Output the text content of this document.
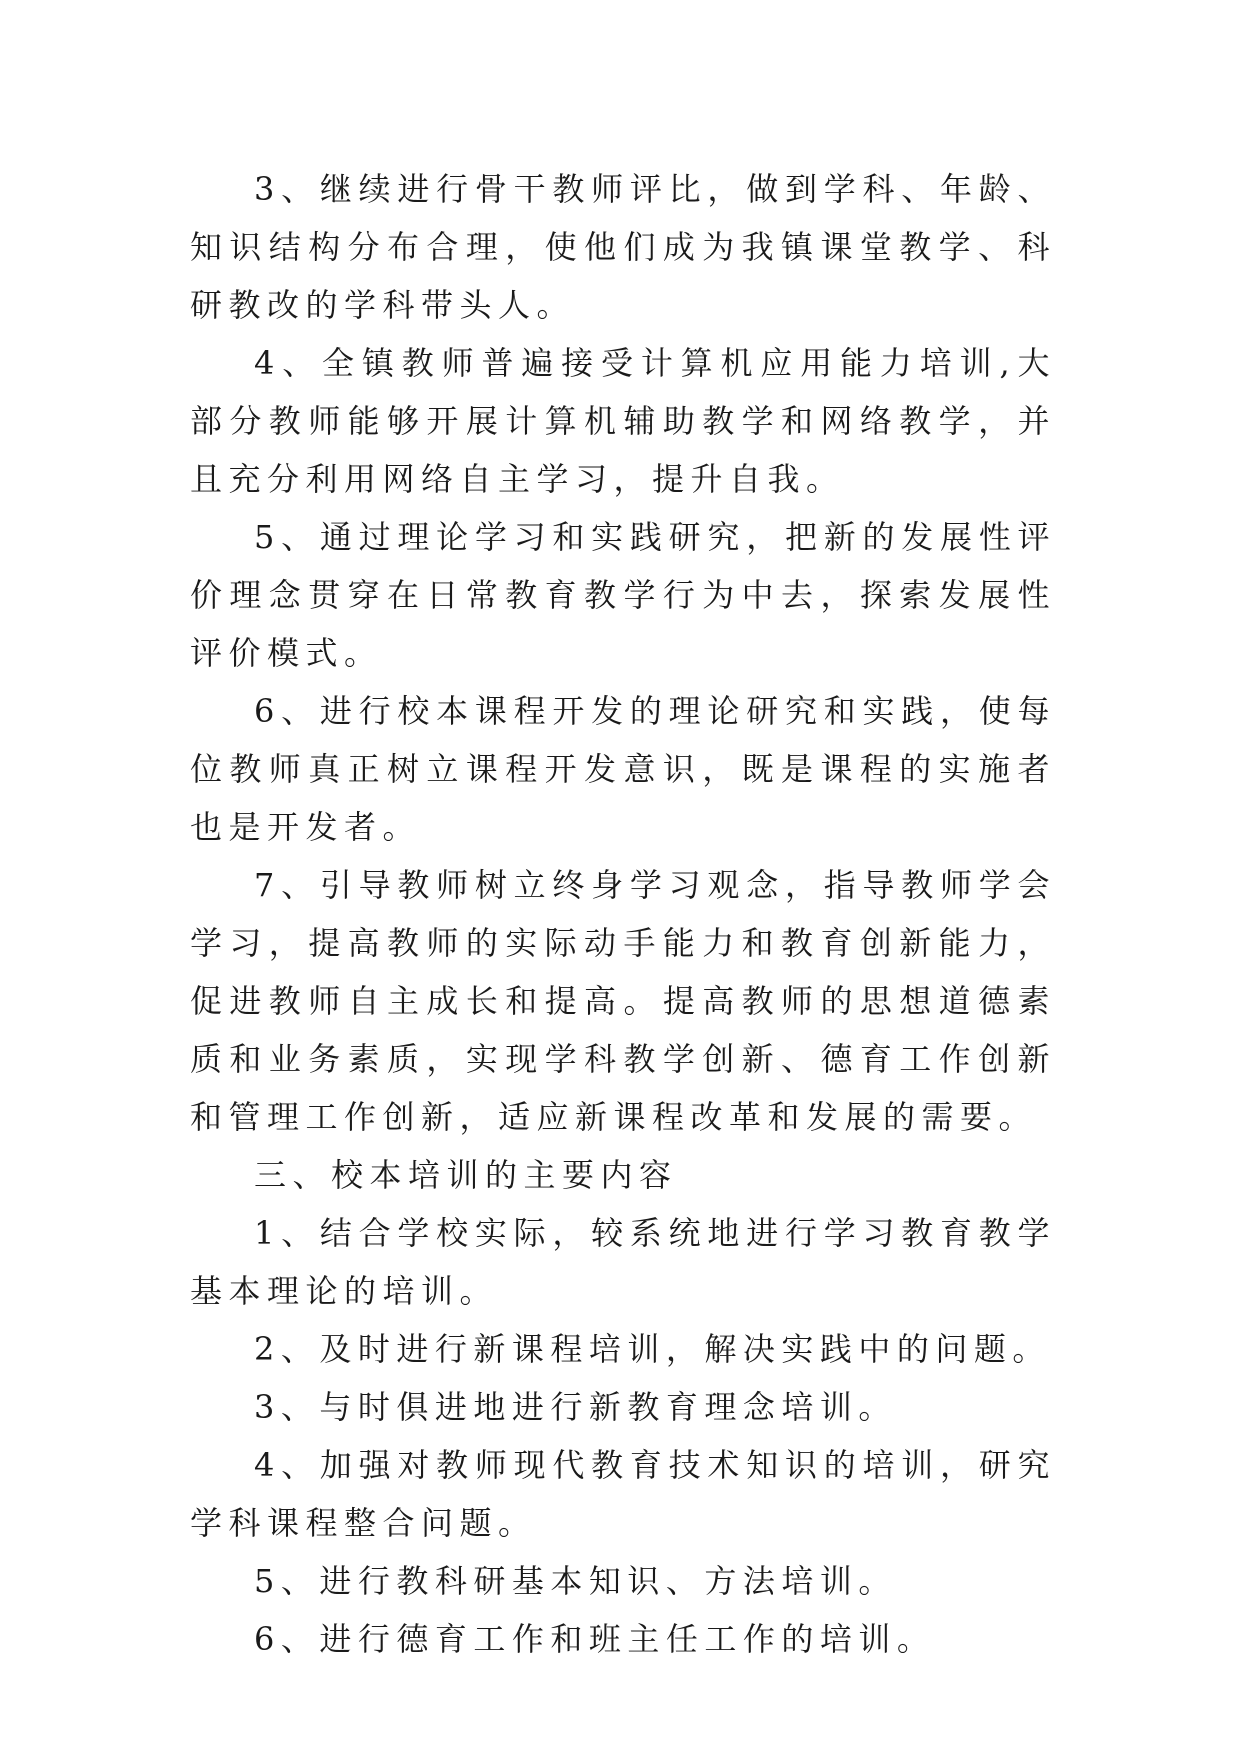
3、继续进行骨干教师评比，做到学科、年龄、知识结构分布合理，使他们成为我镇课堂教学、科研教改的学科带头人。

4、全镇教师普遍接受计算机应用能力培训,大部分教师能够开展计算机辅助教学和网络教学，并且充分利用网络自主学习，提升自我。

5、通过理论学习和实践研究，把新的发展性评价理念贯穿在日常教育教学行为中去，探索发展性评价模式。

6、进行校本课程开发的理论研究和实践，使每位教师真正树立课程开发意识，既是课程的实施者也是开发者。

7、引导教师树立终身学习观念，指导教师学会学习，提高教师的实际动手能力和教育创新能力，促进教师自主成长和提高。提高教师的思想道德素质和业务素质，实现学科教学创新、德育工作创新和管理工作创新，适应新课程改革和发展的需要。

三、校本培训的主要内容

1、结合学校实际，较系统地进行学习教育教学基本理论的培训。

2、及时进行新课程培训，解决实践中的问题。

3、与时俱进地进行新教育理念培训。

4、加强对教师现代教育技术知识的培训，研究学科课程整合问题。

5、进行教科研基本知识、方法培训。

6、进行德育工作和班主任工作的培训。
